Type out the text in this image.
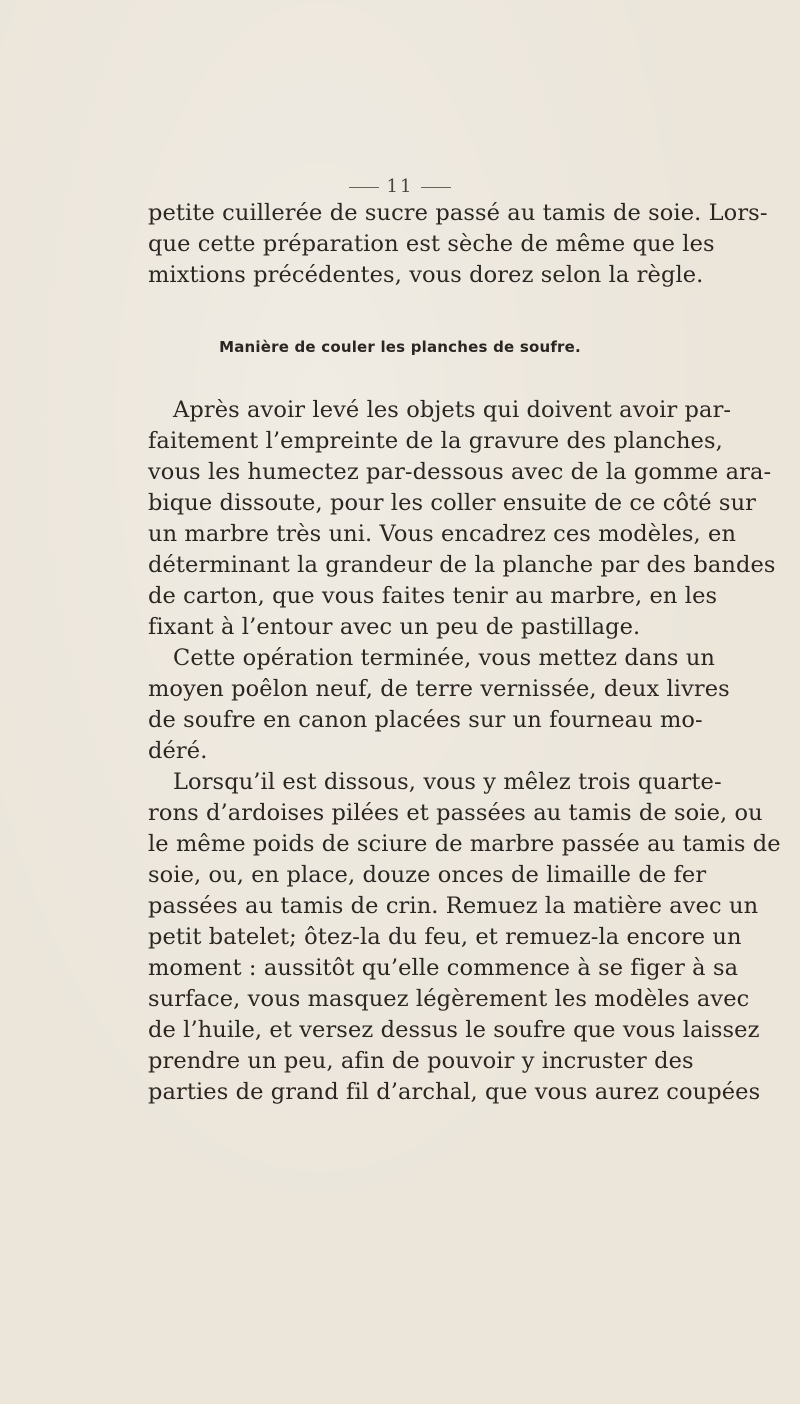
11
petite cuillerée de sucre passé au tamis de soie. Lors-
que cette préparation est sèche de même que les
mixtions précédentes, vous dorez selon la règle.
Manière de couler les planches de soufre.
Après avoir levé les objets qui doivent avoir par-
faitement l’empreinte de la gravure des planches,
vous les humectez par-dessous avec de la gomme ara-
bique dissoute, pour les coller ensuite de ce côté sur
un marbre très uni. Vous encadrez ces modèles, en
déterminant la grandeur de la planche par des bandes
de carton, que vous faites tenir au marbre, en les
fixant à l’entour avec un peu de pastillage.
Cette opération terminée, vous mettez dans un
moyen poêlon neuf, de terre vernissée, deux livres
de soufre en canon placées sur un fourneau mo-
déré.
Lorsqu’il est dissous, vous y mêlez trois quarte-
rons d’ardoises pilées et passées au tamis de soie, ou
le même poids de sciure de marbre passée au tamis de
soie, ou, en place, douze onces de limaille de fer
passées au tamis de crin. Remuez la matière avec un
petit batelet; ôtez-la du feu, et remuez-la encore un
moment : aussitôt qu’elle commence à se figer à sa
surface, vous masquez légèrement les modèles avec
de l’huile, et versez dessus le soufre que vous laissez
prendre un peu, afin de pouvoir y incruster des
parties de grand fil d’archal, que vous aurez coupées
